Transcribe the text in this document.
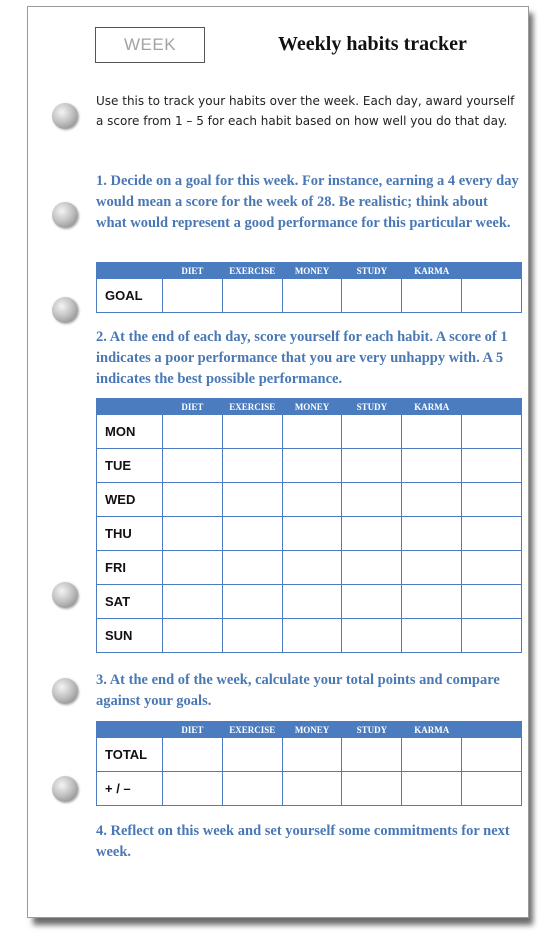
WEEK	Weekly habits tracker
Use this to track your habits over the week. Each day, award yourself a score from 1 – 5 for each habit based on how well you do that day.
1. Decide on a goal for this week. For instance, earning a 4 every day would mean a score for the week of 28. Be realistic; think about what would represent a good performance for this particular week.
	DIET	EXERCISE	MONEY	STUDY	KARMA	
GOAL						
2. At the end of each day, score yourself for each habit. A score of 1 indicates a poor performance that you are very unhappy with. A 5 indicates the best possible performance.
	DIET	EXERCISE	MONEY	STUDY	KARMA	
MON						
TUE						
WED						
THU						
FRI						
SAT						
SUN						
3. At the end of the week, calculate your total points and compare against your goals.
	DIET	EXERCISE	MONEY	STUDY	KARMA	
TOTAL						
+ / –						
4. Reflect on this week and set yourself some commitments for next week.
